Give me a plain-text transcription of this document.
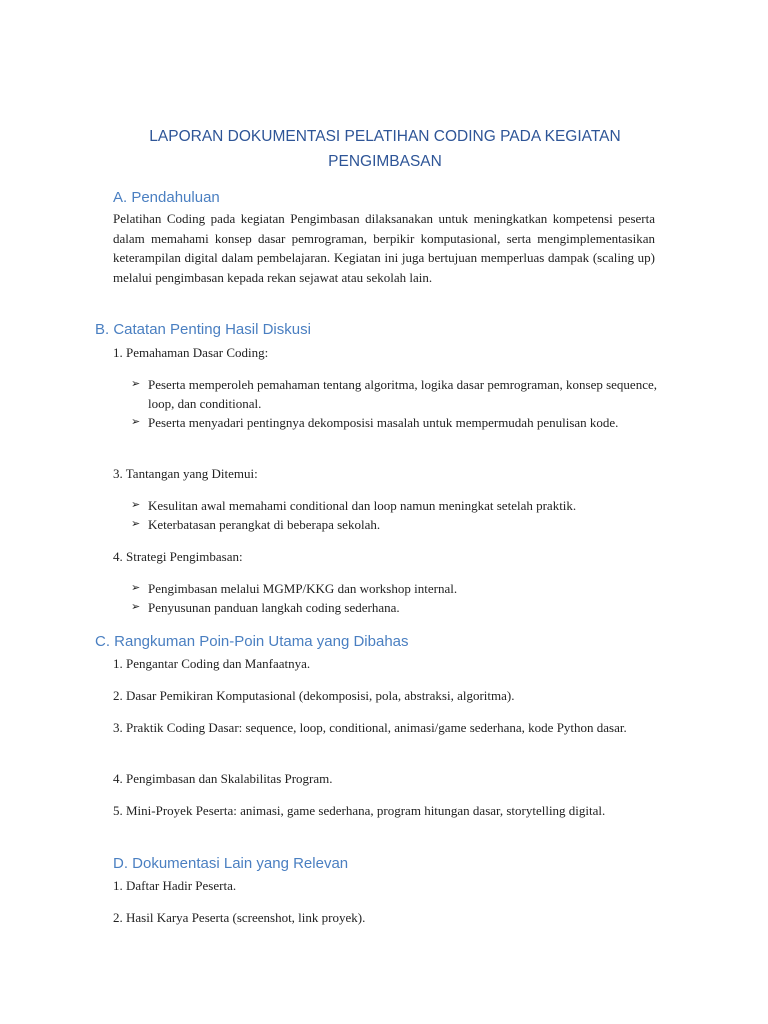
LAPORAN DOKUMENTASI PELATIHAN CODING PADA KEGIATAN PENGIMBASAN
A. Pendahuluan

Pelatihan Coding pada kegiatan Pengimbasan dilaksanakan untuk meningkatkan kompetensi peserta dalam memahami konsep dasar pemrograman, berpikir komputasional, serta mengimplementasikan keterampilan digital dalam pembelajaran. Kegiatan ini juga bertujuan memperluas dampak (scaling up) melalui pengimbasan kepada rekan sejawat atau sekolah lain.

B. Catatan Penting Hasil Diskusi

1. Pemahaman Dasar Coding:

➢ Peserta memperoleh pemahaman tentang algoritma, logika dasar pemrograman, konsep sequence, loop, dan conditional.
➢ Peserta menyadari pentingnya dekomposisi masalah untuk mempermudah penulisan kode.

3. Tantangan yang Ditemui:

➢ Kesulitan awal memahami conditional dan loop namun meningkat setelah praktik.
➢ Keterbatasan perangkat di beberapa sekolah.

4. Strategi Pengimbasan:

➢ Pengimbasan melalui MGMP/KKG dan workshop internal.
➢ Penyusunan panduan langkah coding sederhana.
C. Rangkuman Poin-Poin Utama yang Dibahas

1. Pengantar Coding dan Manfaatnya.

2. Dasar Pemikiran Komputasional (dekomposisi, pola, abstraksi, algoritma).

3. Praktik Coding Dasar: sequence, loop, conditional, animasi/game sederhana, kode Python dasar.

4. Pengimbasan dan Skalabilitas Program.

5. Mini-Proyek Peserta: animasi, game sederhana, program hitungan dasar, storytelling digital.

D. Dokumentasi Lain yang Relevan

1. Daftar Hadir Peserta.

2. Hasil Karya Peserta (screenshot, link proyek).
